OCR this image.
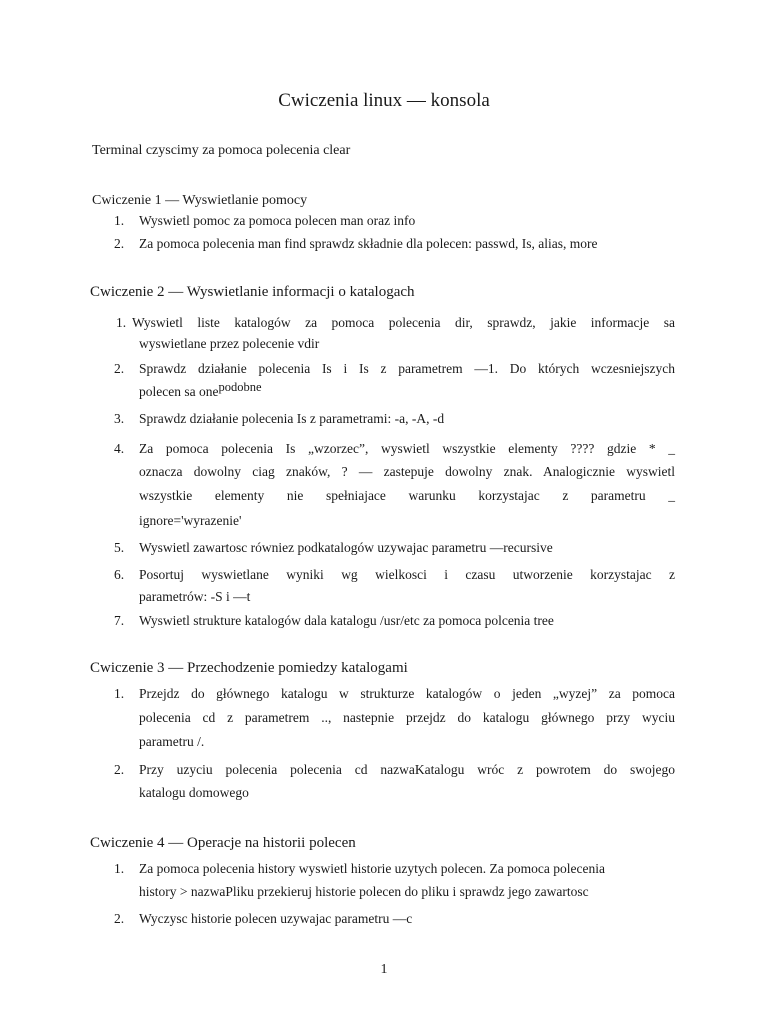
Cwiczenia linux — konsola
Terminal czyscimy za pomoca polecenia clear
Cwiczenie 1 — Wyswietlanie pomocy
1. Wyswietl pomoc za pomoca polecen man oraz info
2. Za pomoca polecenia man find sprawdz składnie dla polecen: passwd, Is, alias, more
Cwiczenie 2 — Wyswietlanie informacji o katalogach
1. Wyswietl liste katalogów za pomoca polecenia dir, sprawdz, jakie informacje sa
wyswietlane przez polecenie vdir
2. Sprawdz działanie polecenia Is i Is z parametrem —1. Do których wczesniejszych
polecen sa onepodobne
3. Sprawdz działanie polecenia Is z parametrami: -a, -A, -d
4. Za pomoca polecenia Is „wzorzec”, wyswietl wszystkie elementy ???? gdzie * _
oznacza dowolny ciag znaków, ? — zastepuje dowolny znak. Analogicznie wyswietl
wszystkie elementy nie spełniajace warunku korzystajac z parametru _
ignore='wyrazenie'
5. Wyswietl zawartosc równiez podkatalogów uzywajac parametru —recursive
6. Posortuj wyswietlane wyniki wg wielkosci i czasu utworzenie korzystajac z
parametrów: -S i —t
7. Wyswietl strukture katalogów dala katalogu /usr/etc za pomoca polcenia tree
Cwiczenie 3 — Przechodzenie pomiedzy katalogami
1. Przejdz do głównego katalogu w strukturze katalogów o jeden „wyzej” za pomoca
polecenia cd z parametrem .., nastepnie przejdz do katalogu głównego przy wyciu
parametru /.
2. Przy uzyciu polecenia polecenia cd nazwaKatalogu wróc z powrotem do swojego
katalogu domowego
Cwiczenie 4 — Operacje na historii polecen
1. Za pomoca polecenia history wyswietl historie uzytych polecen. Za pomoca polecenia
history > nazwaPliku przekieruj historie polecen do pliku i sprawdz jego zawartosc
2. Wyczysc historie polecen uzywajac parametru —c
1
